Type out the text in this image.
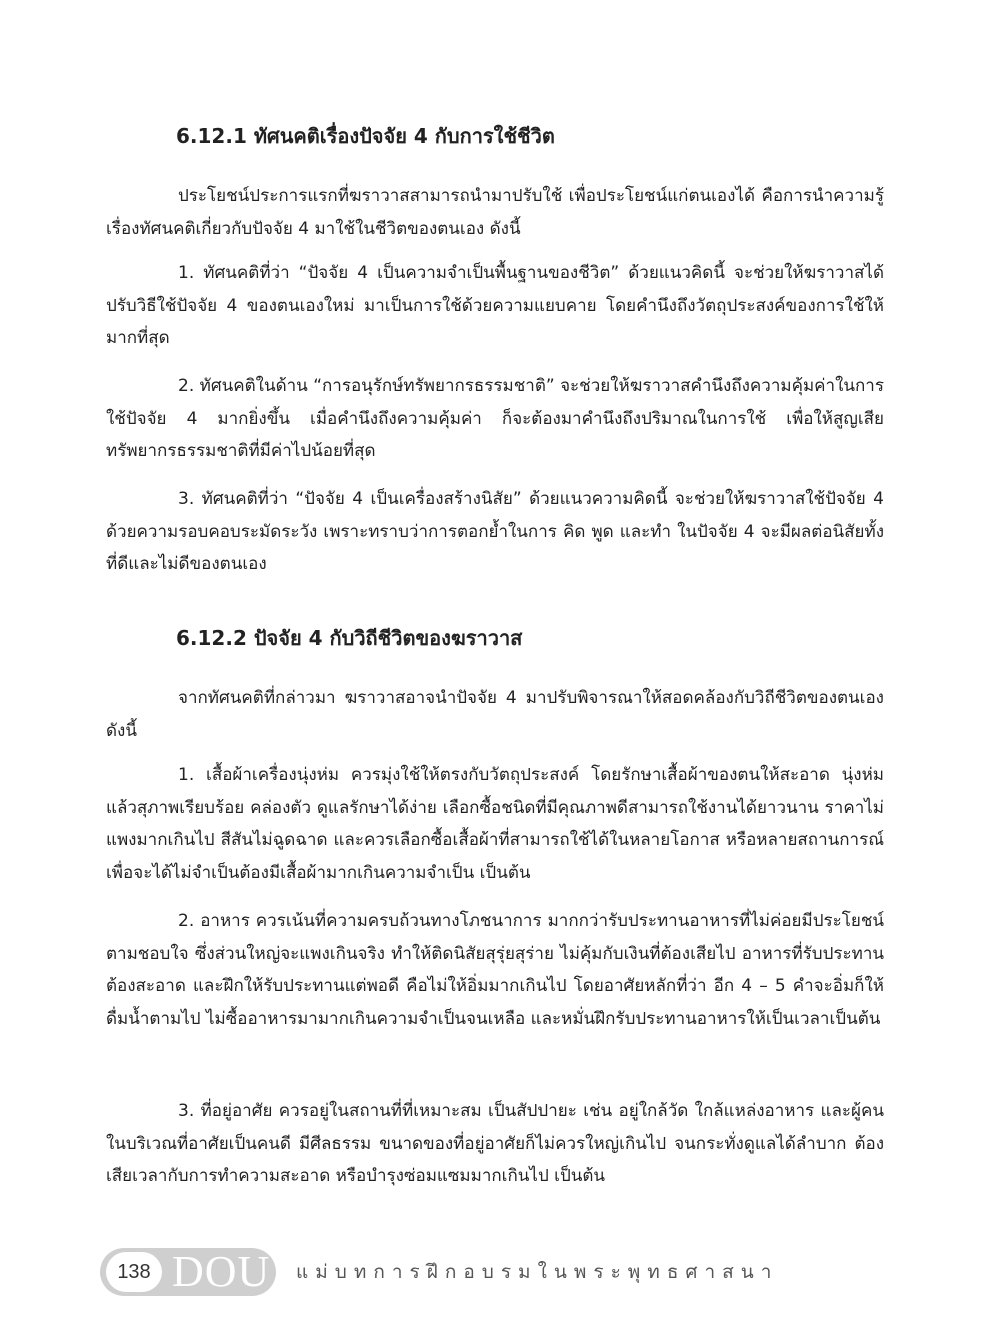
6.12.1 ทัศนคติเรื่องปัจจัย 4 กับการใช้ชีวิต

ประโยชน์ประการแรกที่ฆราวาสสามารถนำมาปรับใช้ เพื่อประโยชน์แก่ตนเองได้ คือการนำความรู้เรื่องทัศนคติเกี่ยวกับปัจจัย 4 มาใช้ในชีวิตของตนเอง ดังนี้

1. ทัศนคติที่ว่า “ปัจจัย 4 เป็นความจำเป็นพื้นฐานของชีวิต” ด้วยแนวคิดนี้ จะช่วยให้ฆราวาสได้ปรับวิธีใช้ปัจจัย 4 ของตนเองใหม่ มาเป็นการใช้ด้วยความแยบคาย โดยคำนึงถึงวัตถุประสงค์ของการใช้ให้มากที่สุด

2. ทัศนคติในด้าน “การอนุรักษ์ทรัพยากรธรรมชาติ” จะช่วยให้ฆราวาสคำนึงถึงความคุ้มค่าในการใช้ปัจจัย 4 มากยิ่งขึ้น เมื่อคำนึงถึงความคุ้มค่า ก็จะต้องมาคำนึงถึงปริมาณในการใช้ เพื่อให้สูญเสียทรัพยากรธรรมชาติที่มีค่าไปน้อยที่สุด

3. ทัศนคติที่ว่า “ปัจจัย 4 เป็นเครื่องสร้างนิสัย” ด้วยแนวความคิดนี้ จะช่วยให้ฆราวาสใช้ปัจจัย 4 ด้วยความรอบคอบระมัดระวัง เพราะทราบว่าการตอกย้ำในการ คิด พูด และทำ ในปัจจัย 4 จะมีผลต่อนิสัยทั้งที่ดีและไม่ดีของตนเอง

6.12.2 ปัจจัย 4 กับวิถีชีวิตของฆราวาส

จากทัศนคติที่กล่าวมา ฆราวาสอาจนำปัจจัย 4 มาปรับพิจารณาให้สอดคล้องกับวิถีชีวิตของตนเองดังนี้

1. เสื้อผ้าเครื่องนุ่งห่ม ควรมุ่งใช้ให้ตรงกับวัตถุประสงค์ โดยรักษาเสื้อผ้าของตนให้สะอาด นุ่งห่มแล้วสุภาพเรียบร้อย คล่องตัว ดูแลรักษาได้ง่าย เลือกซื้อชนิดที่มีคุณภาพดีสามารถใช้งานได้ยาวนาน ราคาไม่แพงมากเกินไป สีสันไม่ฉูดฉาด และควรเลือกซื้อเสื้อผ้าที่สามารถใช้ได้ในหลายโอกาส หรือหลายสถานการณ์ เพื่อจะได้ไม่จำเป็นต้องมีเสื้อผ้ามากเกินความจำเป็น เป็นต้น

2. อาหาร ควรเน้นที่ความครบถ้วนทางโภชนาการ มากกว่ารับประทานอาหารที่ไม่ค่อยมีประโยชน์ตามชอบใจ ซึ่งส่วนใหญ่จะแพงเกินจริง ทำให้ติดนิสัยสุรุ่ยสุร่าย ไม่คุ้มกับเงินที่ต้องเสียไป อาหารที่รับประทานต้องสะอาด และฝึกให้รับประทานแต่พอดี คือไม่ให้อิ่มมากเกินไป โดยอาศัยหลักที่ว่า อีก 4 – 5 คำจะอิ่มก็ให้ดื่มน้ำตามไป ไม่ซื้ออาหารมามากเกินความจำเป็นจนเหลือ และหมั่นฝึกรับประทานอาหารให้เป็นเวลาเป็นต้น

3. ที่อยู่อาศัย ควรอยู่ในสถานที่ที่เหมาะสม เป็นสัปปายะ เช่น อยู่ใกล้วัด ใกล้แหล่งอาหาร และผู้คนในบริเวณที่อาศัยเป็นคนดี มีศีลธรรม ขนาดของที่อยู่อาศัยก็ไม่ควรใหญ่เกินไป จนกระทั่งดูแลได้ลำบาก ต้องเสียเวลากับการทำความสะอาด หรือบำรุงซ่อมแซมมากเกินไป เป็นต้น

138 DOU แม่บทการฝึกอบรมในพระพุทธศาสนา
